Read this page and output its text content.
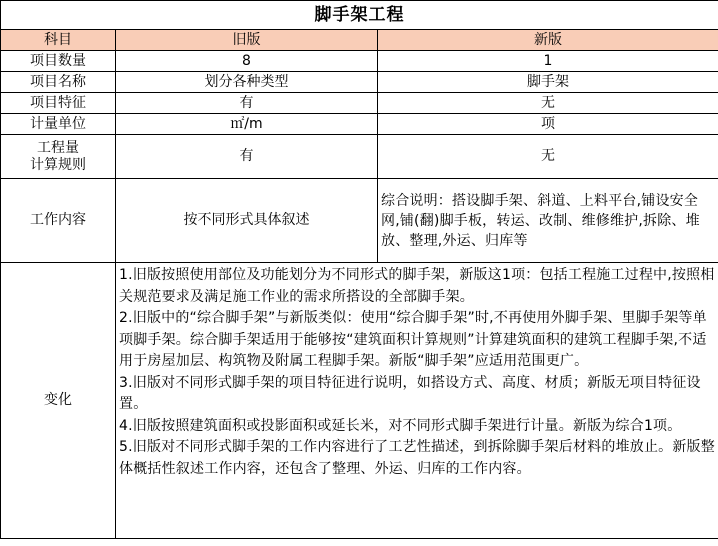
脚手架工程		
科目	旧版	新版
项目数量	8	1
项目名称	划分各种类型	脚手架
项目特征	有	无
计量单位	㎡/m	项

工程量
计算规则	有	无
工作内容	按不同形式具体叙述	综合说明：搭设脚手架、斜道、上料平台,铺设安全网,铺(翻)脚手板，转运、改制、维修维护,拆除、堆放、整理,外运、归库等
变化	1.旧版按照使用部位及功能划分为不同形式的脚手架，新版这1项：包括工程施工过程中,按照相关规范要求及满足施工作业的需求所搭设的全部脚手架。

2.旧版中的“综合脚手架”与新版类似：使用“综合脚手架”时,不再使用外脚手架、里脚手架等单项脚手架。综合脚手架适用于能够按“建筑面积计算规则”计算建筑面积的建筑工程脚手架,不适用于房屋加层、构筑物及附属工程脚手架。新版“脚手架”应适用范围更广。

3.旧版对不同形式脚手架的项目特征进行说明，如搭设方式、高度、材质；新版无项目特征设置。

4.旧版按照建筑面积或投影面积或延长米，对不同形式脚手架进行计量。新版为综合1项。

5.旧版对不同形式脚手架的工作内容进行了工艺性描述，到拆除脚手架后材料的堆放止。新版整体概括性叙述工作内容，还包含了整理、外运、归库的工作内容。	
